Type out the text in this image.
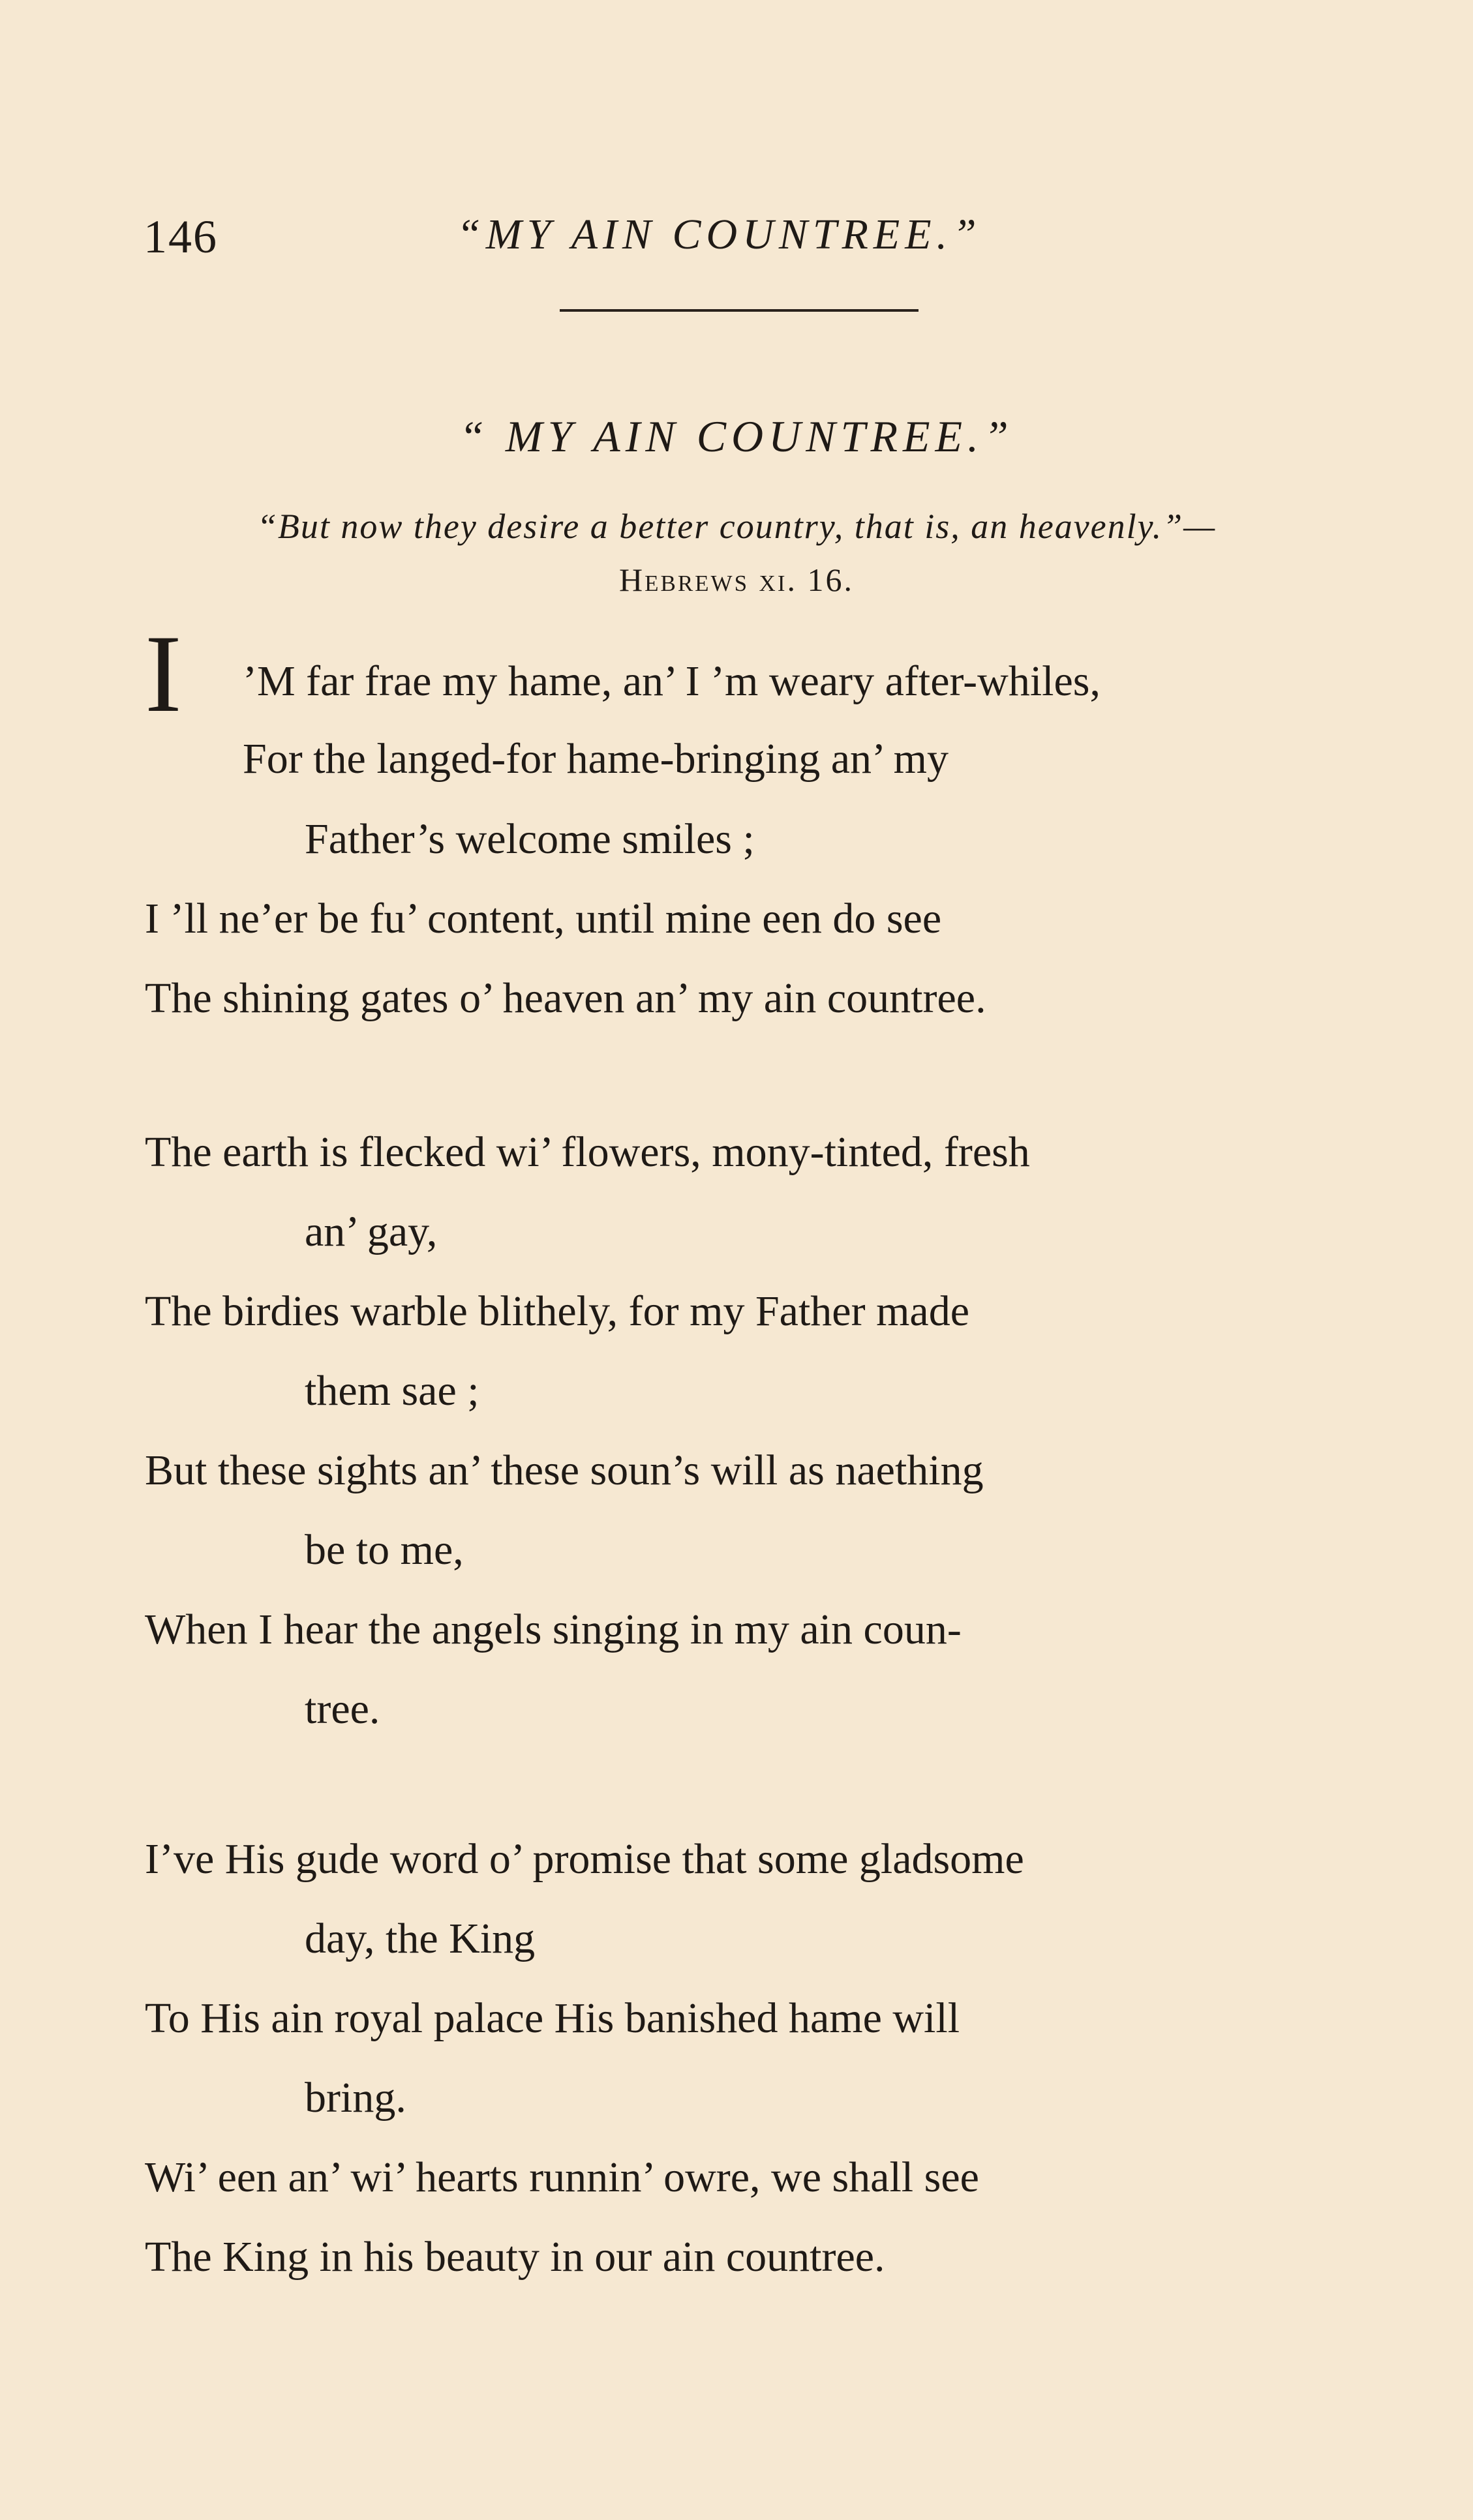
146	“MY AIN COUNTREE.”
“ MY AIN COUNTREE.”
“But now they desire a better country, that is, an heavenly.”—
Hebrews xi. 16.
I ’M far frae my hame, an’ I ’m weary after-whiles,
For the langed-for hame-bringing an’ my
Father’s welcome smiles ;
I ’ll ne’er be fu’ content, until mine een do see
The shining gates o’ heaven an’ my ain countree.
The earth is flecked wi’ flowers, mony-tinted, fresh
an’ gay,
The birdies warble blithely, for my Father made
them sae ;
But these sights an’ these soun’s will as naething
be to me,
When I hear the angels singing in my ain coun-
tree.
I’ve His gude word o’ promise that some gladsome
day, the King
To His ain royal palace His banished hame will
bring.
Wi’ een an’ wi’ hearts runnin’ owre, we shall see
The King in his beauty in our ain countree.
